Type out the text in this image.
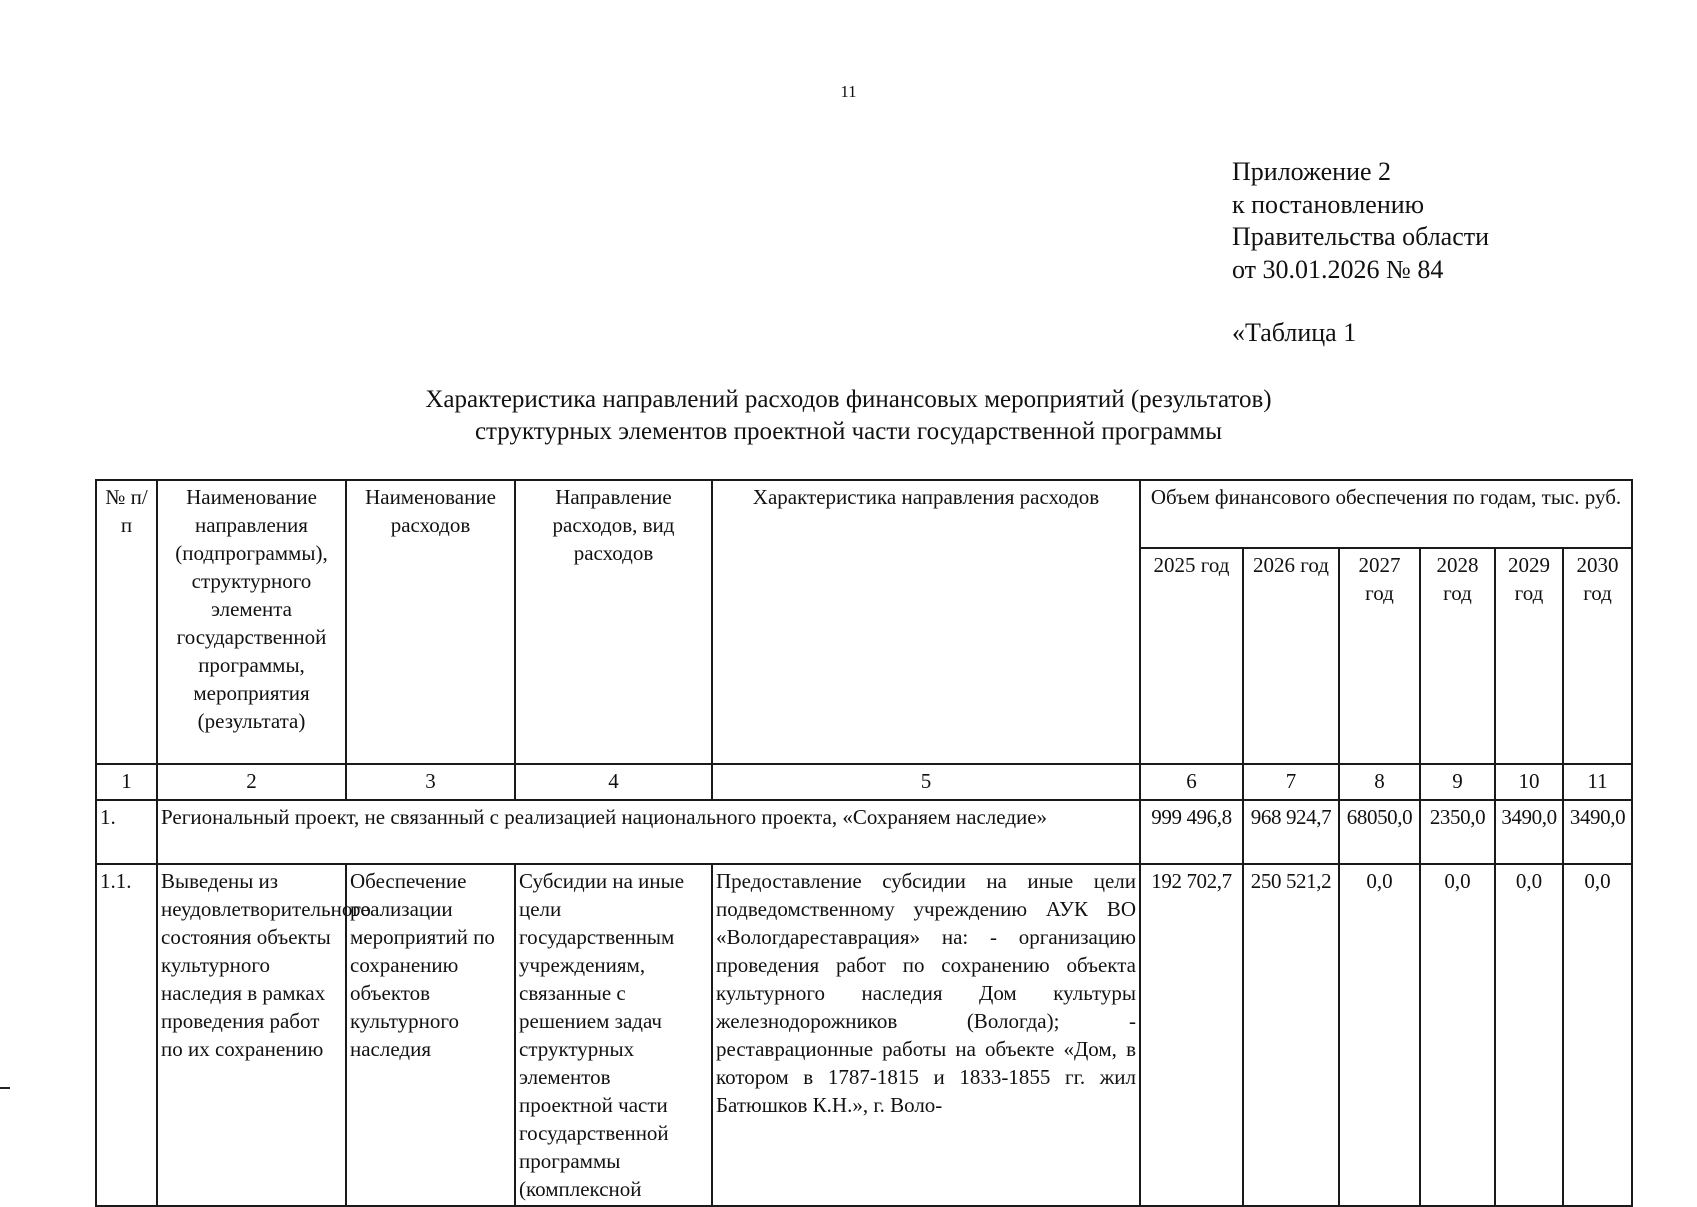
11
Приложение 2
к постановлению
Правительства области
от 30.01.2026 № 84
«Таблица 1
Характеристика направлений расходов финансовых мероприятий (результатов)
структурных элементов проектной части государственной программы
№ п/п	Наименование направления (подпрограммы), структурного элемента государственной программы, мероприятия (результата)	Наименование расходов	Направление расходов, вид расходов	Характеристика направления расходов	Объем финансового обеспечения по годам, тыс. руб.					
					2025 год	2026 год	2027 год	2028 год	2029 год	2030 год
1	2	3	4	5	6	7	8	9	10	11
1.	Региональный проект, не связанный с реализацией национального проекта, «Сохраняем наследие»				999 496,8	968 924,7	68050,0	2350,0	3490,0	3490,0
1.1.	Выведены из неудовлетворительного состояния объекты культурного наследия в рамках проведения работ по их сохранению	Обеспечение реализации мероприятий по сохранению объектов культурного наследия	Субсидии на иные цели государственным учреждениям, связанные с решением задач структурных элементов проектной части государственной программы (комплексной	Предоставление субсидии на иные цели подведомственному учреждению АУК ВО «Вологдареставрация» на: - организацию проведения работ по сохранению объекта культурного наследия Дом культуры железнодорожников (Вологда); - реставрационные работы на объекте «Дом, в котором в 1787-1815 и 1833-1855 гг. жил Батюшков К.Н.», г. Воло-	192 702,7	250 521,2	0,0	0,0	0,0	0,0
